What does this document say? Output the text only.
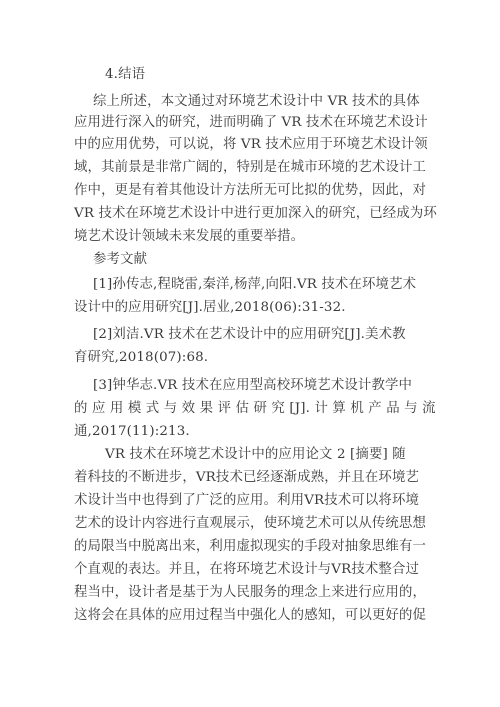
4.结语
综上所述，本文通过对环境艺术设计中 VR 技术的具体
应用进行深入的研究，进而明确了 VR 技术在环境艺术设计
中的应用优势，可以说，将 VR 技术应用于环境艺术设计领
域，其前景是非常广阔的，特别是在城市环境的艺术设计工
作中，更是有着其他设计方法所无可比拟的优势，因此，对
VR 技术在环境艺术设计中进行更加深入的研究，已经成为环
境艺术设计领域未来发展的重要举措。
参考文献
[1]孙传志,程晓雷,秦洋,杨萍,向阳.VR 技术在环境艺术
设计中的应用研究[J].居业,2018(06):31-32.
[2]刘洁.VR 技术在艺术设计中的应用研究[J].美术教
育研究,2018(07):68.
[3]钟华志.VR 技术在应用型高校环境艺术设计教学中
的 应 用 模 式 与 效 果 评 估 研 究 [J]. 计 算 机 产 品 与 流
通,2017(11):213.
VR 技术在环境艺术设计中的应用论文 2 [摘要] 随
着科技的不断进步，VR技术已经逐渐成熟，并且在环境艺
术设计当中也得到了广泛的应用。利用VR技术可以将环境
艺术的设计内容进行直观展示，使环境艺术可以从传统思想
的局限当中脱离出来，利用虚拟现实的手段对抽象思维有一
个直观的表达。并且，在将环境艺术设计与VR技术整合过
程当中，设计者是基于为人民服务的理念上来进行应用的，
这将会在具体的应用过程当中强化人的感知，可以更好的促
